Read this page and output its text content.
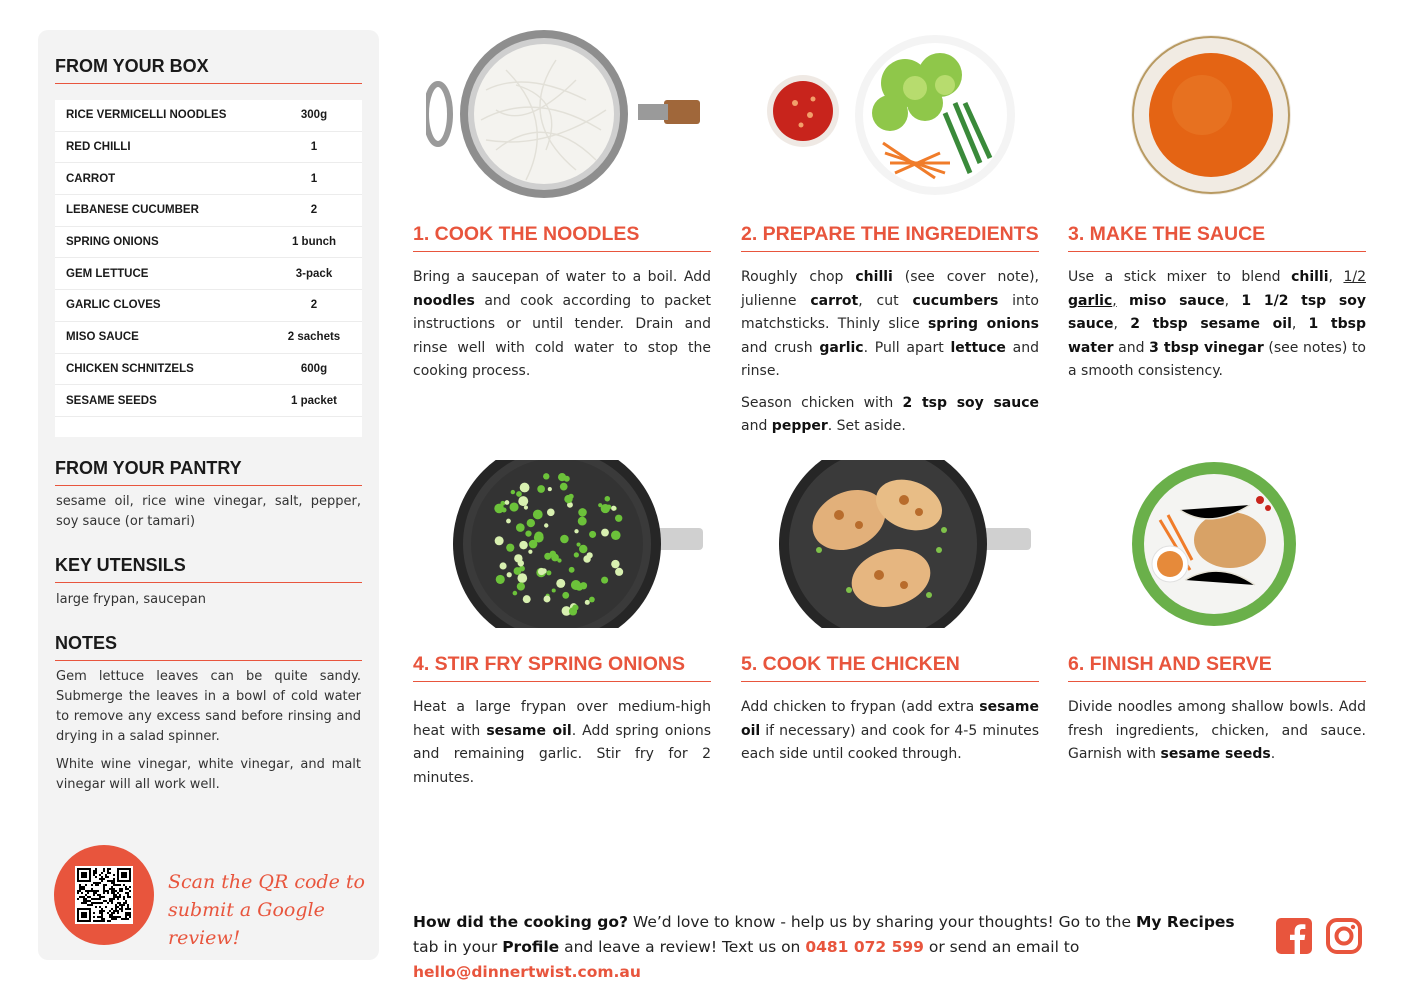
FROM YOUR BOX
RICE VERMICELLI NOODLES	300g
RED CHILLI	1
CARROT	1
LEBANESE CUCUMBER	2
SPRING ONIONS	1 bunch
GEM LETTUCE	3-pack
GARLIC CLOVES	2
MISO SAUCE	2 sachets
CHICKEN SCHNITZELS	600g
SESAME SEEDS	1 packet
FROM YOUR PANTRY
sesame oil, rice wine vinegar, salt, pepper, soy sauce (or tamari)
KEY UTENSILS
large frypan, saucepan
NOTES
Gem lettuce leaves can be quite sandy. Submerge the leaves in a bowl of cold water to remove any excess sand before rinsing and drying in a salad spinner.
White wine vinegar, white vinegar, and malt vinegar will all work well.
Scan the QR code to
submit a Google review!
1. COOK THE NOODLES

Bring a saucepan of water to a boil. Add noodles and cook according to packet instructions or until tender. Drain and rinse well with cold water to stop the cooking process.

2. PREPARE THE INGREDIENTS

Roughly chop chilli (see cover note), julienne carrot, cut cucumbers into matchsticks. Thinly slice spring onions and crush garlic. Pull apart lettuce and rinse.

Season chicken with 2 tsp soy sauce and pepper. Set aside.

3. MAKE THE SAUCE

Use a stick mixer to blend chilli, 1/2 garlic, miso sauce, 1 1/2 tsp soy sauce, 2 tbsp sesame oil, 1 tbsp water and 3 tbsp vinegar (see notes) to a smooth consistency.

4. STIR FRY SPRING ONIONS

Heat a large frypan over medium-high heat with sesame oil. Add spring onions and remaining garlic. Stir fry for 2 minutes.

5. COOK THE CHICKEN

Add chicken to frypan (add extra sesame oil if necessary) and cook for 4-5 minutes each side until cooked through.

6. FINISH AND SERVE

Divide noodles among shallow bowls. Add fresh ingredients, chicken, and sauce. Garnish with sesame seeds.

How did the cooking go? We’d love to know - help us by sharing your thoughts! Go to the My Recipes tab in your Profile and leave a review! Text us on 0481 072 599 or send an email to hello@dinnertwist.com.au
